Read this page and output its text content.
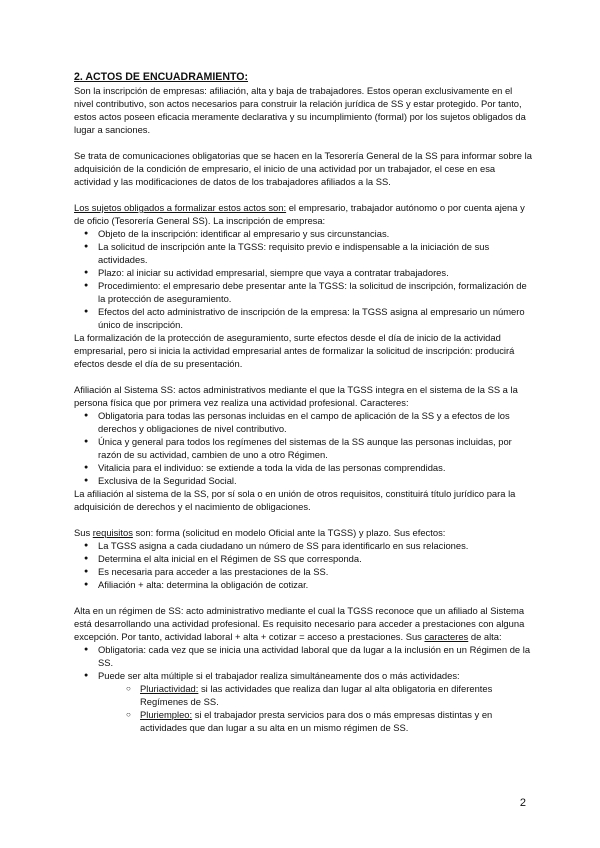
2. ACTOS DE ENCUADRAMIENTO:

Son la inscripción de empresas: afiliación, alta y baja de trabajadores. Estos operan exclusivamente en el nivel contributivo, son actos necesarios para construir la relación jurídica de SS y estar protegido. Por tanto, estos actos poseen eficacia meramente declarativa y su incumplimiento (formal) por los sujetos obligados da lugar a sanciones.

Se trata de comunicaciones obligatorias que se hacen en la Tesorería General de la SS para informar sobre la adquisición de la condición de empresario, el inicio de una actividad por un trabajador, el cese en esa actividad y las modificaciones de datos de los trabajadores afiliados a la SS.

Los sujetos obligados a formalizar estos actos son: el empresario, trabajador autónomo o por cuenta ajena y de oficio (Tesorería General SS). La inscripción de empresa:

● Objeto de la inscripción: identificar al empresario y sus circunstancias.
● La solicitud de inscripción ante la TGSS: requisito previo e indispensable a la iniciación de sus actividades.
● Plazo: al iniciar su actividad empresarial, siempre que vaya a contratar trabajadores.
● Procedimiento: el empresario debe presentar ante la TGSS: la solicitud de inscripción, formalización de la protección de aseguramiento.
● Efectos del acto administrativo de inscripción de la empresa: la TGSS asigna al empresario un número único de inscripción.

La formalización de la protección de aseguramiento, surte efectos desde el día de inicio de la actividad empresarial, pero si inicia la actividad empresarial antes de formalizar la solicitud de inscripción: producirá efectos desde el día de su presentación.

Afiliación al Sistema SS: actos administrativos mediante el que la TGSS integra en el sistema de la SS a la persona física que por primera vez realiza una actividad profesional. Caracteres:

● Obligatoria para todas las personas incluidas en el campo de aplicación de la SS y a efectos de los derechos y obligaciones de nivel contributivo.
● Única y general para todos los regímenes del sistemas de la SS aunque las personas incluidas, por razón de su actividad, cambien de uno a otro Régimen.
● Vitalicia para el individuo: se extiende a toda la vida de las personas comprendidas.
● Exclusiva de la Seguridad Social.

La afiliación al sistema de la SS, por sí sola o en unión de otros requisitos, constituirá título jurídico para la adquisición de derechos y el nacimiento de obligaciones.

Sus requisitos son: forma (solicitud en modelo Oficial ante la TGSS) y plazo. Sus efectos:

● La TGSS asigna a cada ciudadano un número de SS para identificarlo en sus relaciones.
● Determina el alta inicial en el Régimen de SS que corresponda.
● Es necesaria para acceder a las prestaciones de la SS.
● Afiliación + alta: determina la obligación de cotizar.

Alta en un régimen de SS: acto administrativo mediante el cual la TGSS reconoce que un afiliado al Sistema está desarrollando una actividad profesional. Es requisito necesario para acceder a prestaciones con alguna excepción. Por tanto, actividad laboral + alta + cotizar = acceso a prestaciones. Sus caracteres de alta:

● Obligatoria: cada vez que se inicia una actividad laboral que da lugar a la inclusión en un Régimen de la SS.
● Puede ser alta múltiple si el trabajador realiza simultáneamente dos o más actividades:
○ Pluriactividad: si las actividades que realiza dan lugar al alta obligatoria en diferentes Regímenes de SS.
○ Pluriempleo: si el trabajador presta servicios para dos o más empresas distintas y en actividades que dan lugar a su alta en un mismo régimen de SS.
2
